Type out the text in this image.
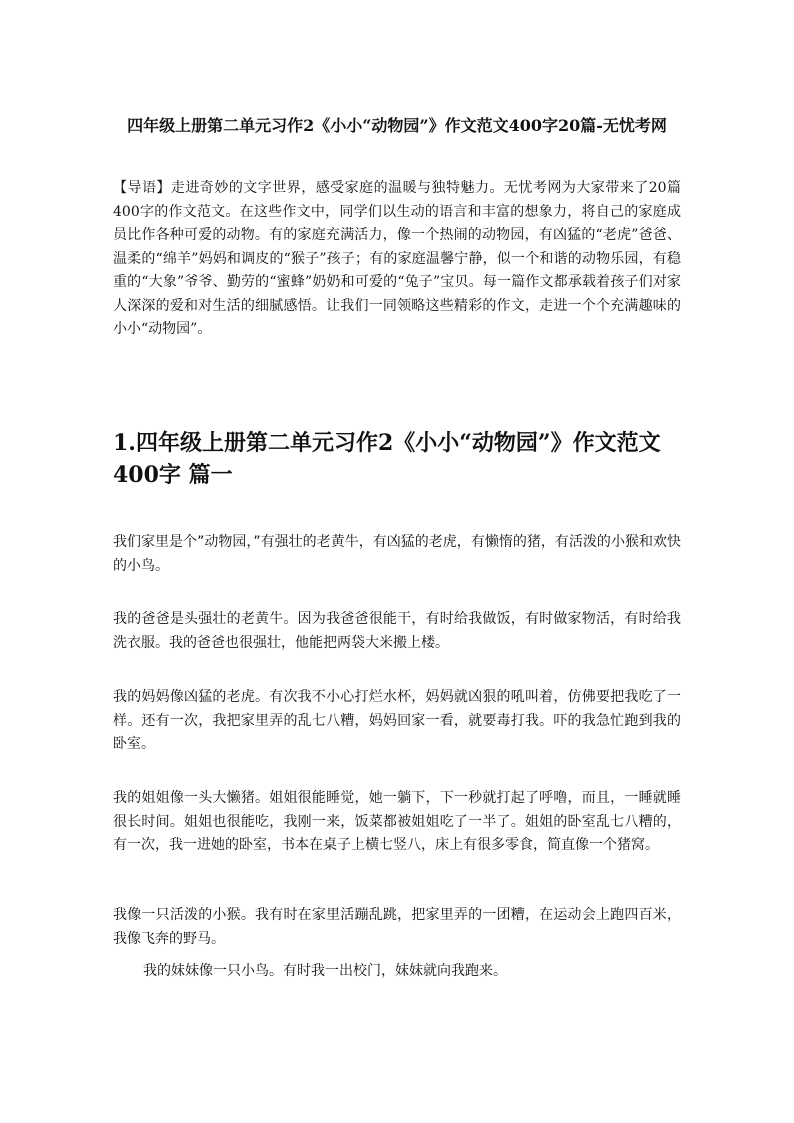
四年级上册第二单元习作2《小小“动物园”》作文范文400字20篇-无忧考网

【导语】走进奇妙的文字世界，感受家庭的温暖与独特魅力。无忧考网为大家带来了20篇400字的作文范文。在这些作文中，同学们以生动的语言和丰富的想象力，将自己的家庭成员比作各种可爱的动物。有的家庭充满活力，像一个热闹的动物园，有凶猛的“老虎”爸爸、温柔的“绵羊”妈妈和调皮的“猴子”孩子；有的家庭温馨宁静，似一个和谐的动物乐园，有稳重的“大象”爷爷、勤劳的“蜜蜂”奶奶和可爱的“兔子”宝贝。每一篇作文都承载着孩子们对家人深深的爱和对生活的细腻感悟。让我们一同领略这些精彩的作文，走进一个个充满趣味的小小“动物园”。

1.四年级上册第二单元习作2《小小“动物园”》作文范文400字 篇一

我们家里是个”动物园，”有强壮的老黄牛，有凶猛的老虎，有懒惰的猪，有活泼的小猴和欢快的小鸟。

我的爸爸是头强壮的老黄牛。因为我爸爸很能干，有时给我做饭，有时做家物活，有时给我洗衣服。我的爸爸也很强壮，他能把两袋大米搬上楼。

我的妈妈像凶猛的老虎。有次我不小心打烂水杯，妈妈就凶狠的吼叫着，仿佛要把我吃了一样。还有一次，我把家里弄的乱七八糟，妈妈回家一看，就要毒打我。吓的我急忙跑到我的卧室。

我的姐姐像一头大懒猪。姐姐很能睡觉，她一躺下，下一秒就打起了呼噜，而且，一睡就睡很长时间。姐姐也很能吃，我刚一来，饭菜都被姐姐吃了一半了。姐姐的卧室乱七八糟的，有一次，我一进她的卧室，书本在桌子上横七竖八，床上有很多零食，简直像一个猪窝。

我像一只活泼的小猴。我有时在家里活蹦乱跳，把家里弄的一团糟，在运动会上跑四百米，我像飞奔的野马。

我的妹妹像一只小鸟。有时我一出校门，妹妹就向我跑来。
